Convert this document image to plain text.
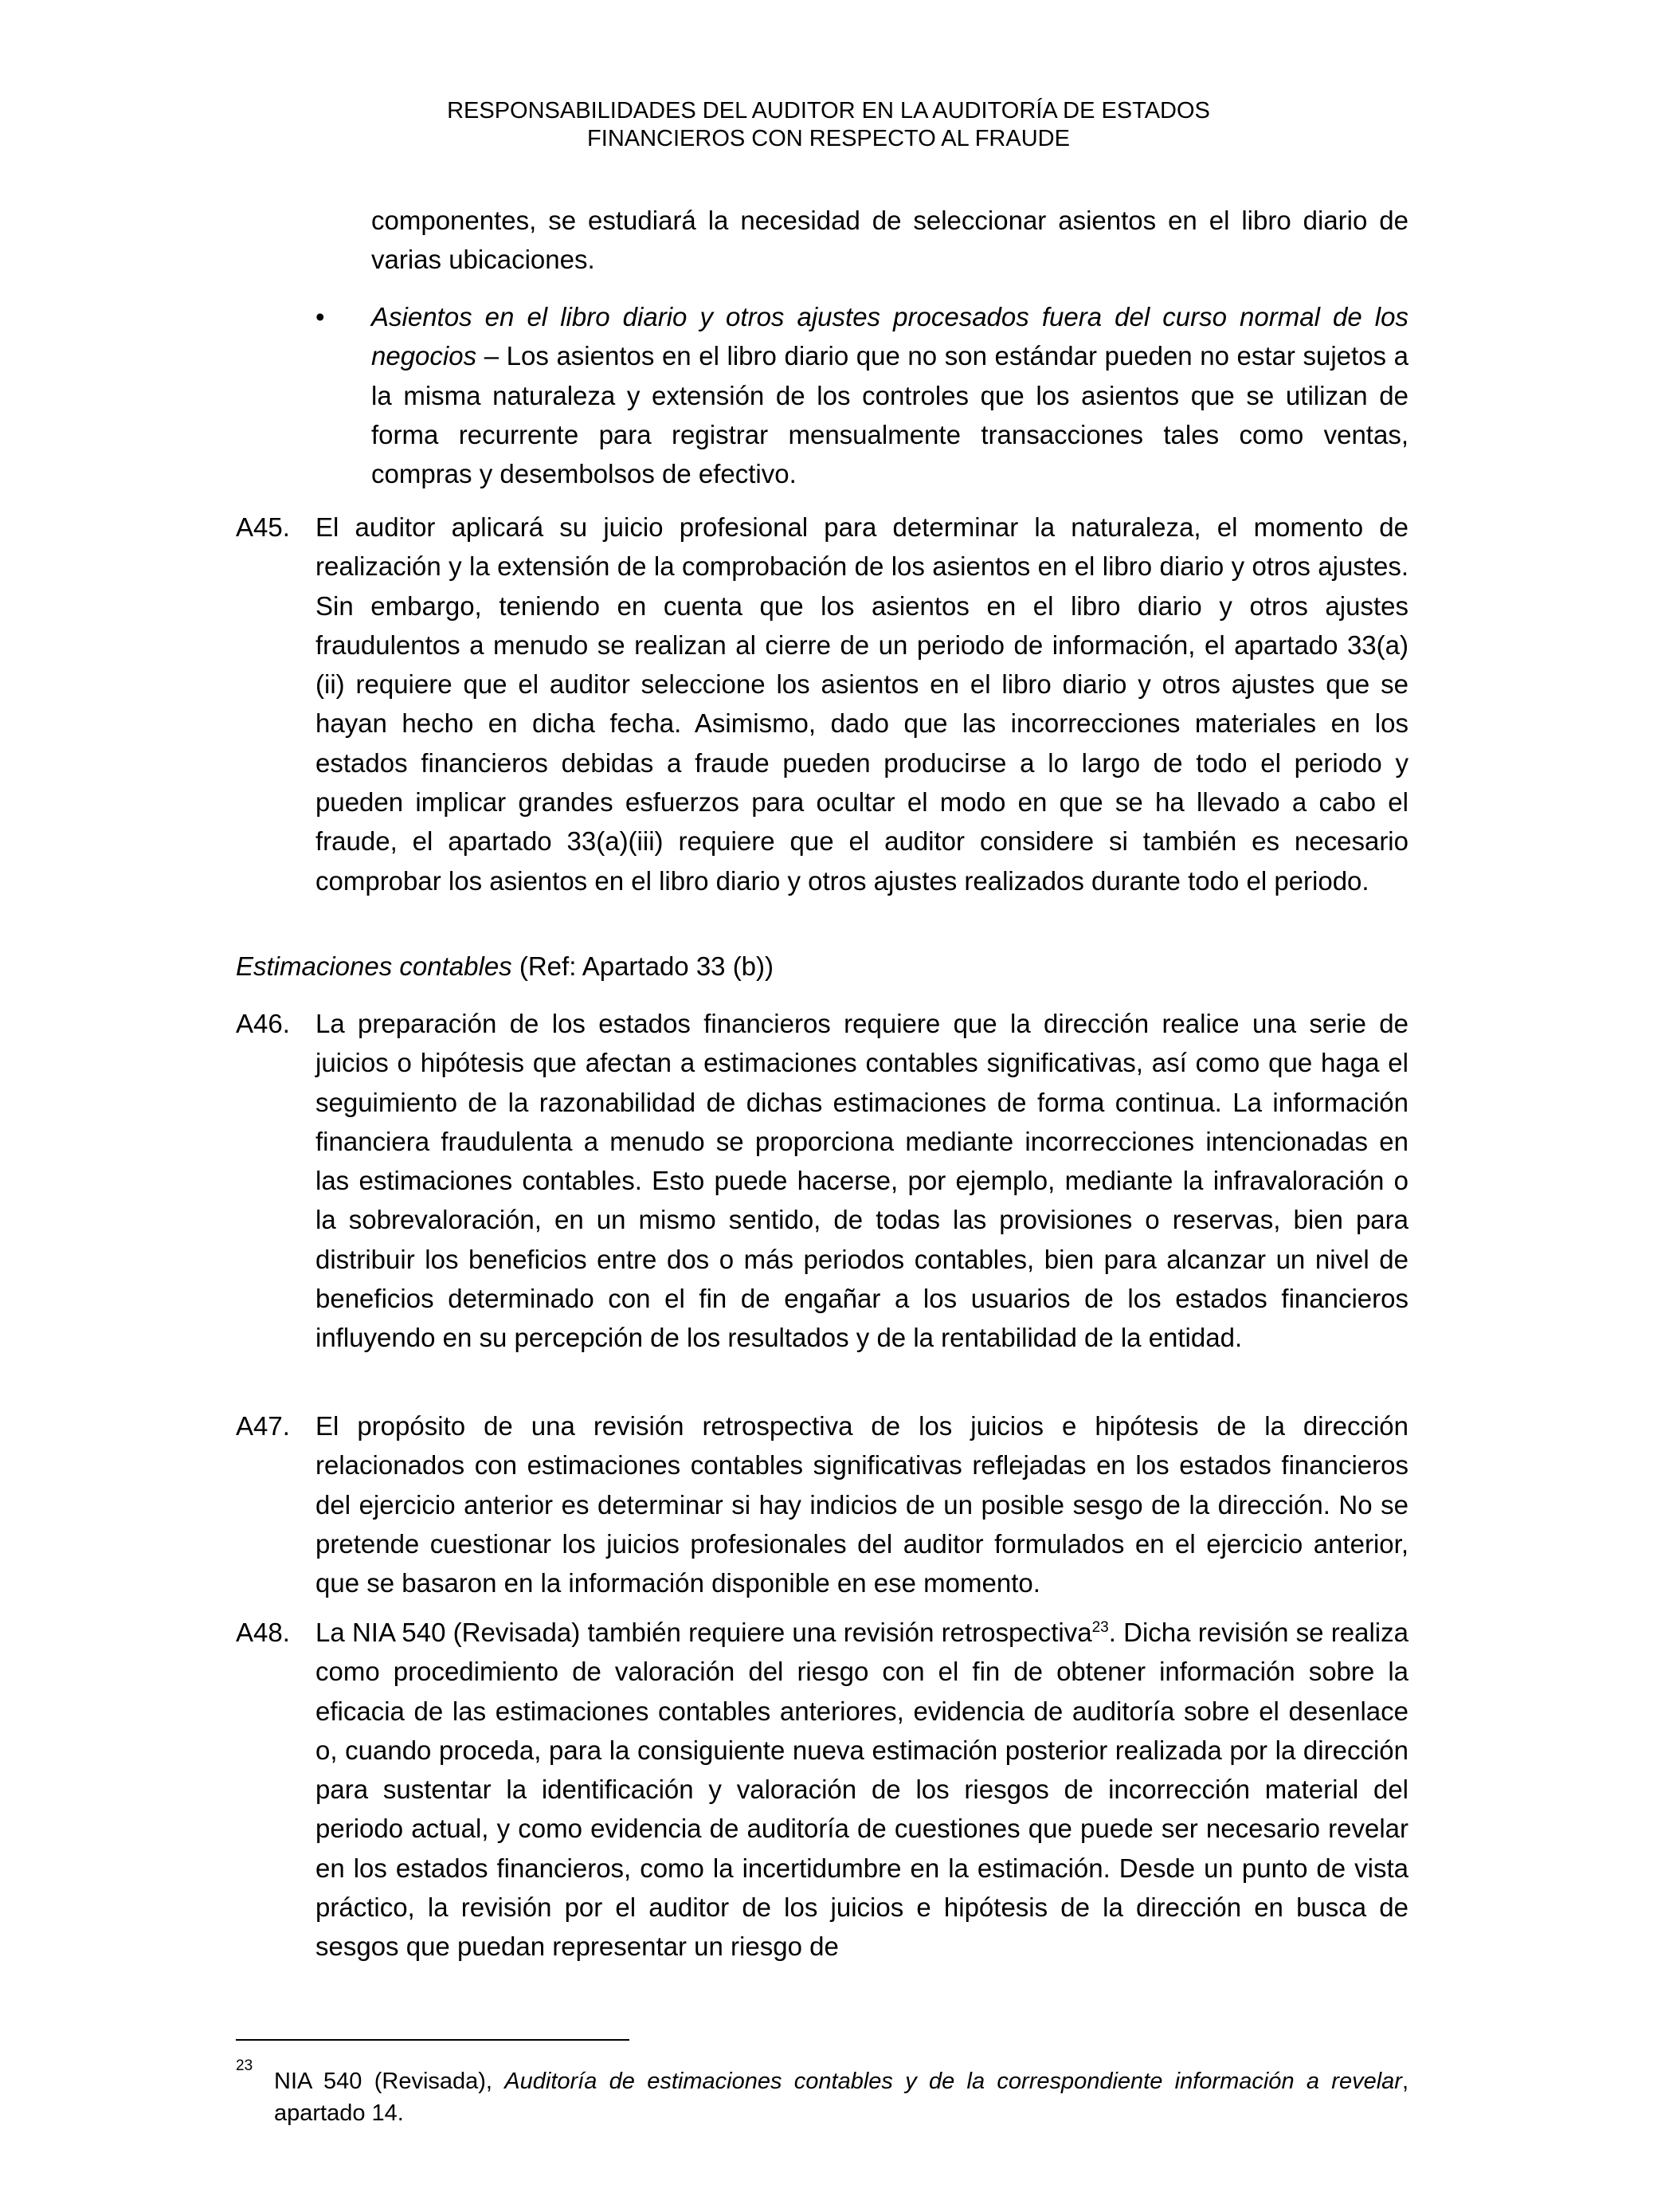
RESPONSABILIDADES DEL AUDITOR EN LA AUDITORÍA DE ESTADOS
FINANCIEROS CON RESPECTO AL FRAUDE
componentes, se estudiará la necesidad de seleccionar asientos en el libro diario de varias ubicaciones.
• Asientos en el libro diario y otros ajustes procesados fuera del curso normal de los negocios – Los asientos en el libro diario que no son estándar pueden no estar sujetos a la misma naturaleza y extensión de los controles que los asientos que se utilizan de forma recurrente para registrar mensualmente transacciones tales como ventas, compras y desembolsos de efectivo.
A45. El auditor aplicará su juicio profesional para determinar la naturaleza, el momento de realización y la extensión de la comprobación de los asientos en el libro diario y otros ajustes. Sin embargo, teniendo en cuenta que los asientos en el libro diario y otros ajustes fraudulentos a menudo se realizan al cierre de un periodo de información, el apartado 33(a)(ii) requiere que el auditor seleccione los asientos en el libro diario y otros ajustes que se hayan hecho en dicha fecha. Asimismo, dado que las incorrecciones materiales en los estados financieros debidas a fraude pueden producirse a lo largo de todo el periodo y pueden implicar grandes esfuerzos para ocultar el modo en que se ha llevado a cabo el fraude, el apartado 33(a)(iii) requiere que el auditor considere si también es necesario comprobar los asientos en el libro diario y otros ajustes realizados durante todo el periodo.
Estimaciones contables (Ref: Apartado 33 (b))
A46. La preparación de los estados financieros requiere que la dirección realice una serie de juicios o hipótesis que afectan a estimaciones contables significativas, así como que haga el seguimiento de la razonabilidad de dichas estimaciones de forma continua. La información financiera fraudulenta a menudo se proporciona mediante incorrecciones intencionadas en las estimaciones contables. Esto puede hacerse, por ejemplo, mediante la infravaloración o la sobrevaloración, en un mismo sentido, de todas las provisiones o reservas, bien para distribuir los beneficios entre dos o más periodos contables, bien para alcanzar un nivel de beneficios determinado con el fin de engañar a los usuarios de los estados financieros influyendo en su percepción de los resultados y de la rentabilidad de la entidad.
A47. El propósito de una revisión retrospectiva de los juicios e hipótesis de la dirección relacionados con estimaciones contables significativas reflejadas en los estados financieros del ejercicio anterior es determinar si hay indicios de un posible sesgo de la dirección. No se pretende cuestionar los juicios profesionales del auditor formulados en el ejercicio anterior, que se basaron en la información disponible en ese momento.
A48. La NIA 540 (Revisada) también requiere una revisión retrospectiva$^{23}$. Dicha revisión se realiza como procedimiento de valoración del riesgo con el fin de obtener información sobre la eficacia de las estimaciones contables anteriores, evidencia de auditoría sobre el desenlace o, cuando proceda, para la consiguiente nueva estimación posterior realizada por la dirección para sustentar la identificación y valoración de los riesgos de incorrección material del periodo actual, y como evidencia de auditoría de cuestiones que puede ser necesario revelar en los estados financieros, como la incertidumbre en la estimación. Desde un punto de vista práctico, la revisión por el auditor de los juicios e hipótesis de la dirección en busca de sesgos que puedan representar un riesgo de
23
NIA 540 (Revisada), Auditoría de estimaciones contables y de la correspondiente información a revelar, apartado 14.
